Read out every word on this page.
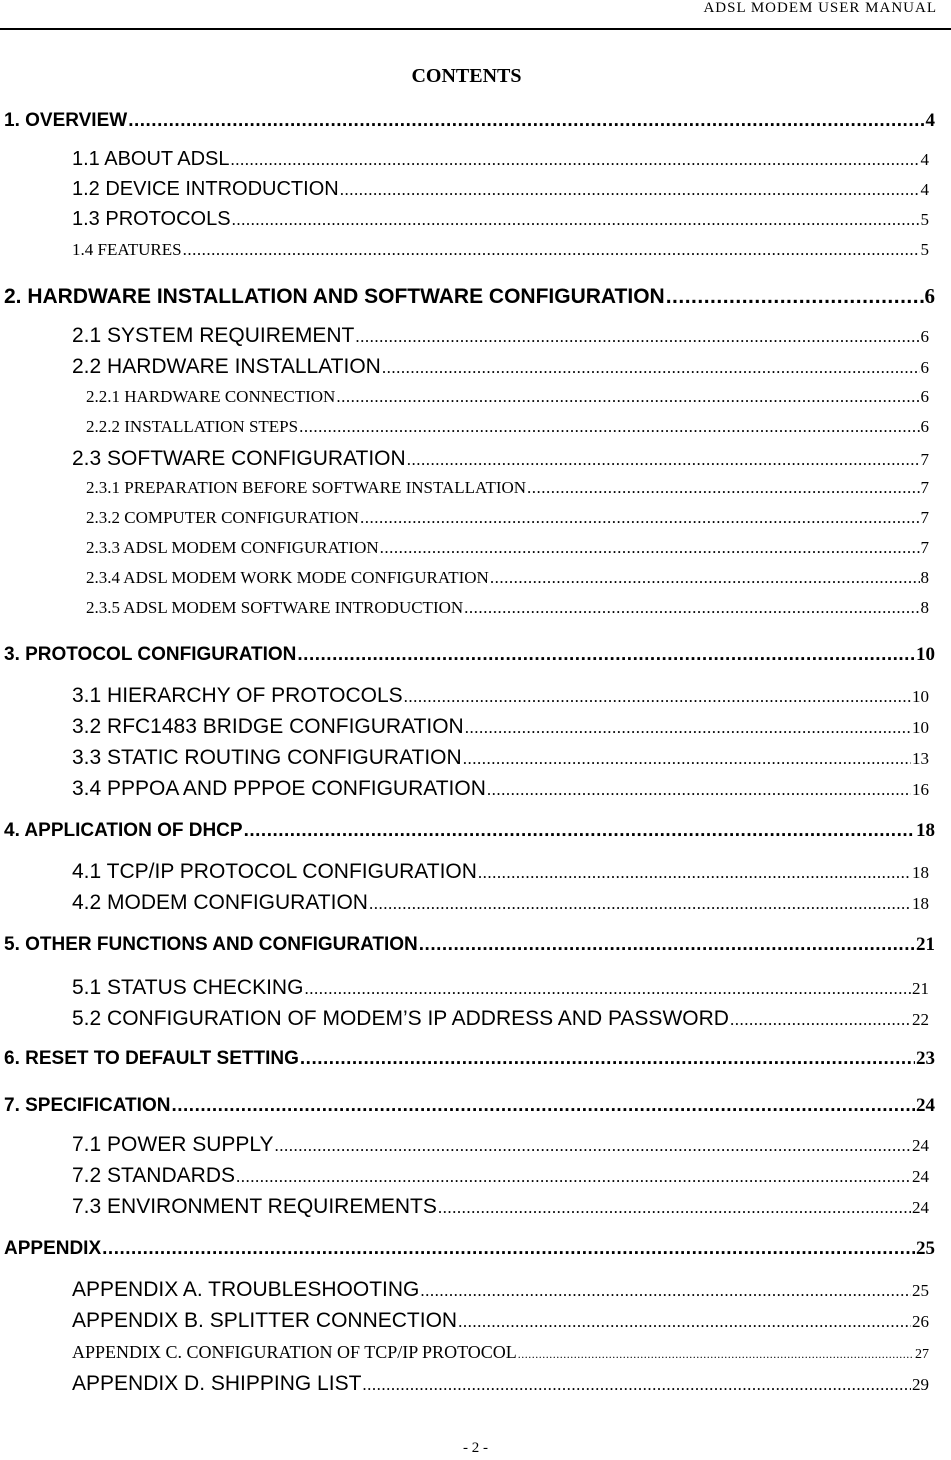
ADSL MODEM USER MANUAL
CONTENTS
1. OVERVIEW .....	4
1.1 ABOUT ADSL .....	4
1.2 DEVICE INTRODUCTION .....	4
1.3 PROTOCOLS .....	5
1.4 FEATURES .....	5
2. HARDWARE INSTALLATION AND SOFTWARE CONFIGURATION .....	6
2.1 SYSTEM REQUIREMENT .....	6
2.2 HARDWARE INSTALLATION .....	6
2.2.1 HARDWARE CONNECTION .....	6
2.2.2 INSTALLATION STEPS .....	6
2.3 SOFTWARE CONFIGURATION .....	7
2.3.1 PREPARATION BEFORE SOFTWARE INSTALLATION .....	7
2.3.2 COMPUTER CONFIGURATION .....	7
2.3.3 ADSL MODEM CONFIGURATION .....	7
2.3.4 ADSL MODEM WORK MODE CONFIGURATION .....	8
2.3.5 ADSL MODEM SOFTWARE INTRODUCTION .....	8
3. PROTOCOL CONFIGURATION .....	10
3.1 HIERARCHY OF PROTOCOLS .....	10
3.2 RFC1483 BRIDGE CONFIGURATION .....	10
3.3 STATIC ROUTING CONFIGURATION .....	13
3.4 PPPOA AND PPPOE CONFIGURATION .....	16
4. APPLICATION OF DHCP .....	18
4.1 TCP/IP PROTOCOL CONFIGURATION .....	18
4.2 MODEM CONFIGURATION .....	18
5. OTHER FUNCTIONS AND CONFIGURATION .....	21
5.1 STATUS CHECKING .....	21
5.2 CONFIGURATION OF MODEM’S IP ADDRESS AND PASSWORD .....	22
6. RESET TO DEFAULT SETTING .....	23
7. SPECIFICATION .....	24
7.1 POWER SUPPLY .....	24
7.2 STANDARDS .....	24
7.3 ENVIRONMENT REQUIREMENTS .....	24
APPENDIX .....	25
APPENDIX A. TROUBLESHOOTING .....	25
APPENDIX B. SPLITTER CONNECTION .....	26
APPENDIX C. CONFIGURATION OF TCP/IP PROTOCOL .....	27
APPENDIX D. SHIPPING LIST .....	29
- 2 -
